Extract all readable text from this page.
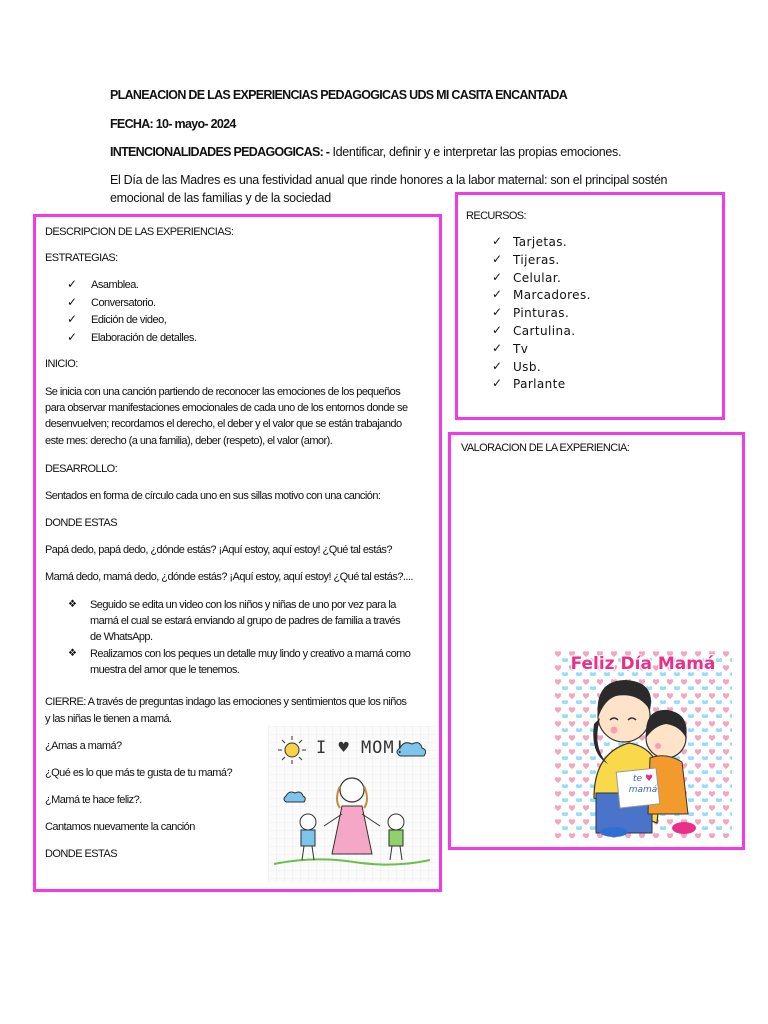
PLANEACION DE LAS EXPERIENCIAS PEDAGOGICAS UDS MI CASITA ENCANTADA
FECHA: 10- mayo- 2024
INTENCIONALIDADES PEDAGOGICAS: - Identificar, definir y e interpretar las propias emociones.
El Día de las Madres es una festividad anual que rinde honores a la labor maternal: son el principal sostén
emocional de las familias y de la sociedad
DESCRIPCION DE LAS EXPERIENCIAS:
ESTRATEGIAS:
✓ Asamblea.
✓ Conversatorio.
✓ Edición de video,
✓ Elaboración de detalles.
INICIO:
Se inicia con una canción partiendo de reconocer las emociones de los pequeños
para observar manifestaciones emocionales de cada uno de los entornos donde se
desenvuelven; recordamos el derecho, el deber y el valor que se están trabajando
este mes: derecho (a una familia), deber (respeto), el valor (amor).
DESARROLLO:
Sentados en forma de círculo cada uno en sus sillas motivo con una canción:
DONDE ESTAS
Papá dedo, papá dedo, ¿dónde estás? ¡Aquí estoy, aquí estoy! ¿Qué tal estás?
Mamá dedo, mamá dedo, ¿dónde estás? ¡Aquí estoy, aquí estoy! ¿Qué tal estás?....
❖ Seguido se edita un video con los niños y niñas de uno por vez para la
mamá el cual se estará enviando al grupo de padres de familia a través
de WhatsApp.
❖ Realizamos con los peques un detalle muy lindo y creativo a mamá como
muestra del amor que le tenemos.
CIERRE: A través de preguntas indago las emociones y sentimientos que los niños
y las niñas le tienen a mamá.
¿Amas a mamá?
¿Qué es lo que más te gusta de tu mamá?
¿Mamá te hace feliz?.
Cantamos nuevamente la canción
DONDE ESTAS
I ♥ MOM!
RECURSOS:
✓ Tarjetas.
✓ Tijeras.
✓ Celular.
✓ Marcadores.
✓ Pinturas.
✓ Cartulina.
✓ Tv
✓ Usb.
✓ Parlante
VALORACION DE LA EXPERIENCIA:
Feliz Día Mamá
te ♥
mamá
